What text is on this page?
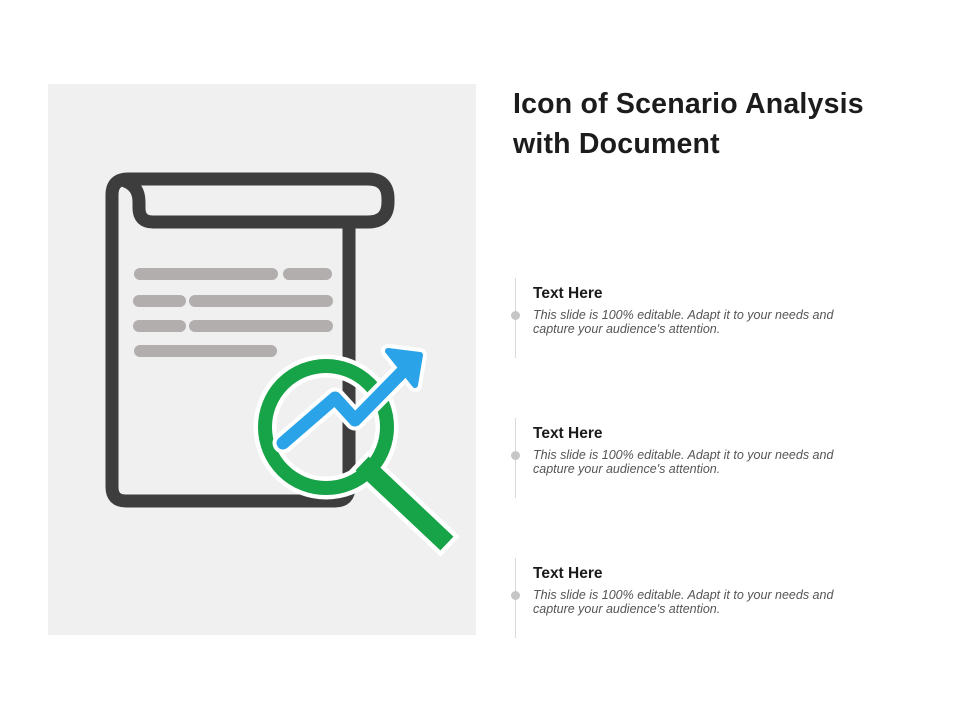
Icon of Scenario Analysis with Document
Text Here

This slide is 100% editable. Adapt it to your needs and capture your audience's attention.

Text Here

This slide is 100% editable. Adapt it to your needs and capture your audience's attention.

Text Here

This slide is 100% editable. Adapt it to your needs and capture your audience's attention.
